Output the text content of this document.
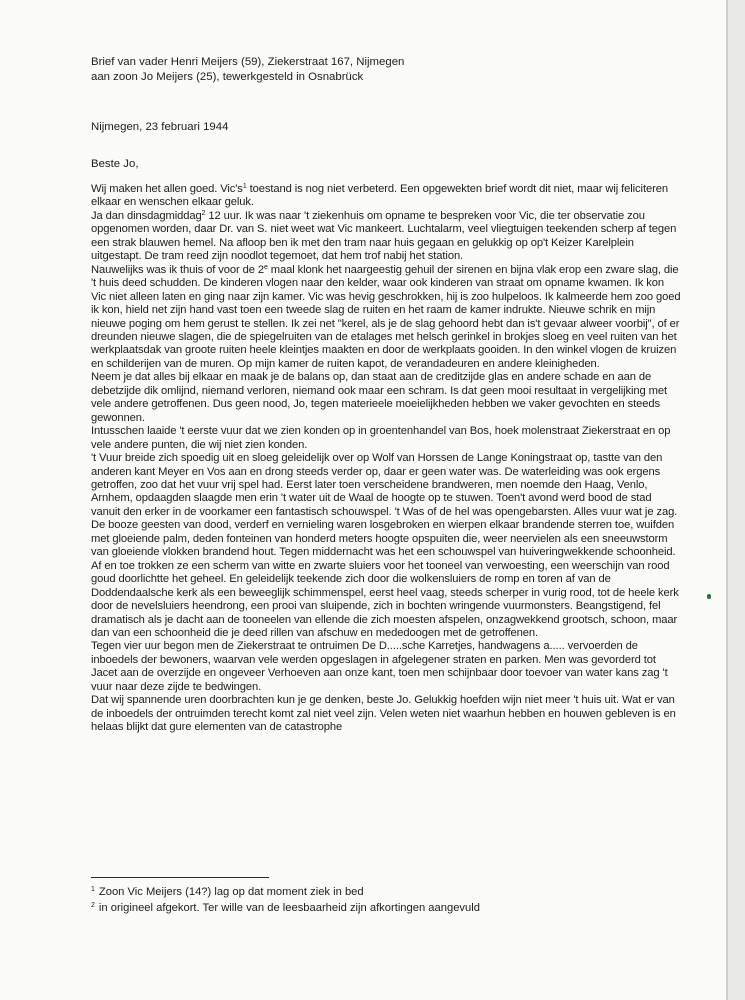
Brief van vader Henri Meijers (59), Ziekerstraat 167, Nijmegen
aan zoon Jo Meijers (25), tewerkgesteld in Osnabrück
Nijmegen, 23 februari 1944
Beste Jo,

Wij maken het allen goed. $Vic's^1$ toestand is nog niet verbeterd. Een opgewekten brief wordt dit niet, maar wij feliciteren elkaar en wenschen elkaar geluk.

Ja dan dinsdagmiddag$^2$ 12 uur. Ik was naar 't ziekenhuis om opname te bespreken voor Vic, die ter observatie zou opgenomen worden, daar Dr. van S. niet weet wat Vic mankeert. Luchtalarm, veel vliegtuigen teekenden scherp af tegen een strak blauwen hemel. Na afloop ben ik met den tram naar huis gegaan en gelukkig op op't Keizer Karelplein uitgestapt. De tram reed zijn noodlot tegemoet, dat hem trof nabij het station.

Nauwelijks was ik thuis of voor de 2e maal klonk het naargeestig gehuil der sirenen en bijna vlak erop een zware slag, die 't huis deed schudden. De kinderen vlogen naar den kelder, waar ook kinderen van straat om opname kwamen. Ik kon Vic niet alleen laten en ging naar zijn kamer. Vic was hevig geschrokken, hij is zoo hulpeloos. Ik kalmeerde hem zoo goed ik kon, hield net zijn hand vast toen een tweede slag de ruiten en het raam de kamer indrukte. Nieuwe schrik en mijn nieuwe poging om hem gerust te stellen. Ik zei net "kerel, als je de slag gehoord hebt dan is't gevaar alweer voorbij", of er dreunden nieuwe slagen, die de spiegelruiten van de etalages met helsch gerinkel in brokjes sloeg en veel ruiten van het werkplaatsdak van groote ruiten heele kleintjes maakten en door de werkplaats gooiden. In den winkel vlogen de kruizen en schilderijen van de muren. Op mijn kamer de ruiten kapot, de verandadeuren en andere kleinigheden.

Neem je dat alles bij elkaar en maak je de balans op, dan staat aan de creditzijde glas en andere schade en aan de debetzijde dik omlijnd, niemand verloren, niemand ook maar een schram. Is dat geen mooi resultaat in vergelijking met vele andere getroffenen. Dus geen nood, Jo, tegen materieele moeielijkheden hebben we vaker gevochten en steeds gewonnen.

Intusschen laaide 't eerste vuur dat we zien konden op in groentenhandel van Bos, hoek molenstraat Ziekerstraat en op vele andere punten, die wij niet zien konden.

't Vuur breide zich spoedig uit en sloeg geleidelijk over op Wolf van Horssen de Lange Koningstraat op, tastte van den anderen kant Meyer en Vos aan en drong steeds verder op, daar er geen water was. De waterleiding was ook ergens getroffen, zoo dat het vuur vrij spel had. Eerst later toen verscheidene brandweren, men noemde den Haag, Venlo, Arnhem, opdaagden slaagde men erin 't water uit de Waal de hoogte op te stuwen. Toen't avond werd bood de stad vanuit den erker in de voorkamer een fantastisch schouwspel. 't Was of de hel was opengebarsten. Alles vuur wat je zag. De booze geesten van dood, verderf en vernieling waren losgebroken en wierpen elkaar brandende sterren toe, wuifden met gloeiende palm, deden fonteinen van honderd meters hoogte opspuiten die, weer neervielen als een sneeuwstorm van gloeiende vlokken brandend hout. Tegen middernacht was het een schouwspel van huiveringwekkende schoonheid. Af en toe trokken ze een scherm van witte en zwarte sluiers voor het tooneel van verwoesting, een weerschijn van rood goud doorlichtte het geheel. En geleidelijk teekende zich door die wolkensluiers de romp en toren af van de Doddendaalsche kerk als een beweeglijk schimmenspel, eerst heel vaag, steeds scherper in vurig rood, tot de heele kerk door de nevelsluiers heendrong, een prooi van sluipende, zich in bochten wringende vuurmonsters. Beangstigend, fel dramatisch als je dacht aan de tooneelen van ellende die zich moesten afspelen, onzagwekkend grootsch, schoon, maar dan van een schoonheid die je deed rillen van afschuw en mededoogen met de getroffenen.

Tegen vier uur begon men de Ziekerstraat te ontruimen De D.....sche Karretjes, handwagens a..... vervoerden de inboedels der bewoners, waarvan vele werden opgeslagen in afgelegener straten en parken. Men was gevorderd tot Jacet aan de overzijde en ongeveer Verhoeven aan onze kant, toen men schijnbaar door toevoer van water kans zag 't vuur naar deze zijde te bedwingen.

Dat wij spannende uren doorbrachten kun je ge denken, beste Jo. Gelukkig hoefden wijn niet meer 't huis uit. Wat er van de inboedels der ontruimden terecht komt zal niet veel zijn. Velen weten niet waarhun hebben en houwen gebleven is en helaas blijkt dat gure elementen van de catastrophe

$^1$ Zoon Vic Meijers (14?) lag op dat moment ziek in bed
$^2$ in origineel afgekort. Ter wille van de leesbaarheid zijn afkortingen aangevuld
